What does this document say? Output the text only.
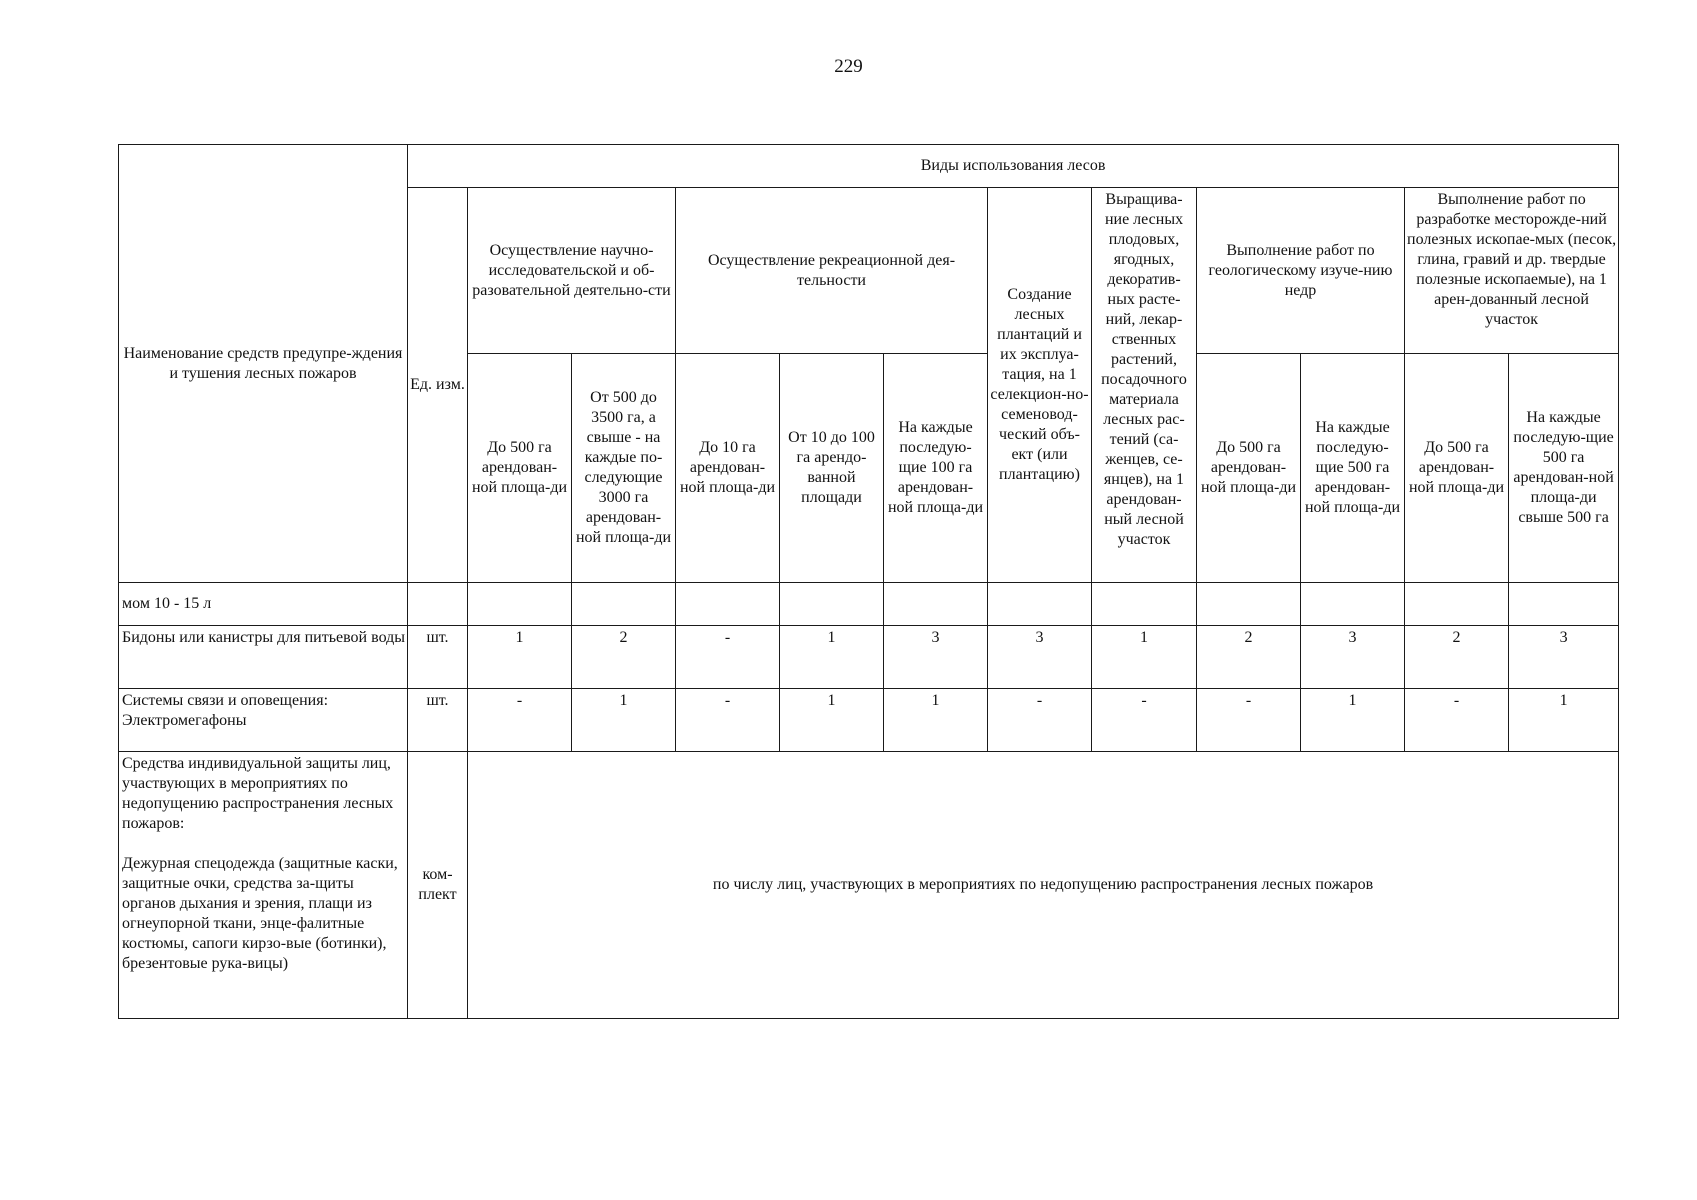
229
Наименование средств предупре-ждения и тушения лесных пожаров	Виды использования лесов											
	Ед. изм.	Осуществление научно-исследовательской и об-разовательной деятельно-сти		Осуществление рекреационной дея-тельности			Создание лесных плантаций и их эксплуа-тация, на 1 селекцион-но-семеновод-ческий объ-ект (или плантацию)	Выращива-ние лесных плодовых, ягодных, декоратив-ных расте-ний, лекар-ственных растений, посадочного материала лесных рас-тений (са-женцев, се-янцев), на 1 арендован-ный лесной участок	Выполнение работ по геологическому изуче-нию недр		Выполнение работ по разработке месторожде-ний полезных ископае-мых (песок, глина, гравий и др. твердые полезные ископаемые), на 1 арен-дованный лесной участок	
		До 500 га арендован-ной площа-ди	От 500 до 3500 га, а свыше - на каждые по-следующие 3000 га арендован-ной площа-ди	До 10 га арендован-ной площа-ди	От 10 до 100 га арендо-ванной площади	На каждые последую-щие 100 га арендован-ной площа-ди			До 500 га арендован-ной площа-ди	На каждые последую-щие 500 га арендован-ной площа-ди	До 500 га арендован-ной площа-ди	На каждые последую-щие 500 га арендован-ной площа-ди свыше 500 га
мом 10 - 15 л												
Бидоны или канистры для питьевой воды	шт.	1	2	-	1	3	3	1	2	3	2	3
Системы связи и оповещения: Электромегафоны	шт.	-	1	-	1	1	-	-	-	1	-	1

Средства индивидуальной защиты лиц, участвующих в мероприятиях по недопущению распространения лесных пожаров:
Дежурная спецодежда (защитные каски, защитные очки, средства за-щиты органов дыхания и зрения, плащи из огнеупорной ткани, энце-фалитные костюмы, сапоги кирзо-вые (ботинки), брезентовые рука-вицы)	ком-плект	по числу лиц, участвующих в мероприятиях по недопущению распространения лесных пожаров										
